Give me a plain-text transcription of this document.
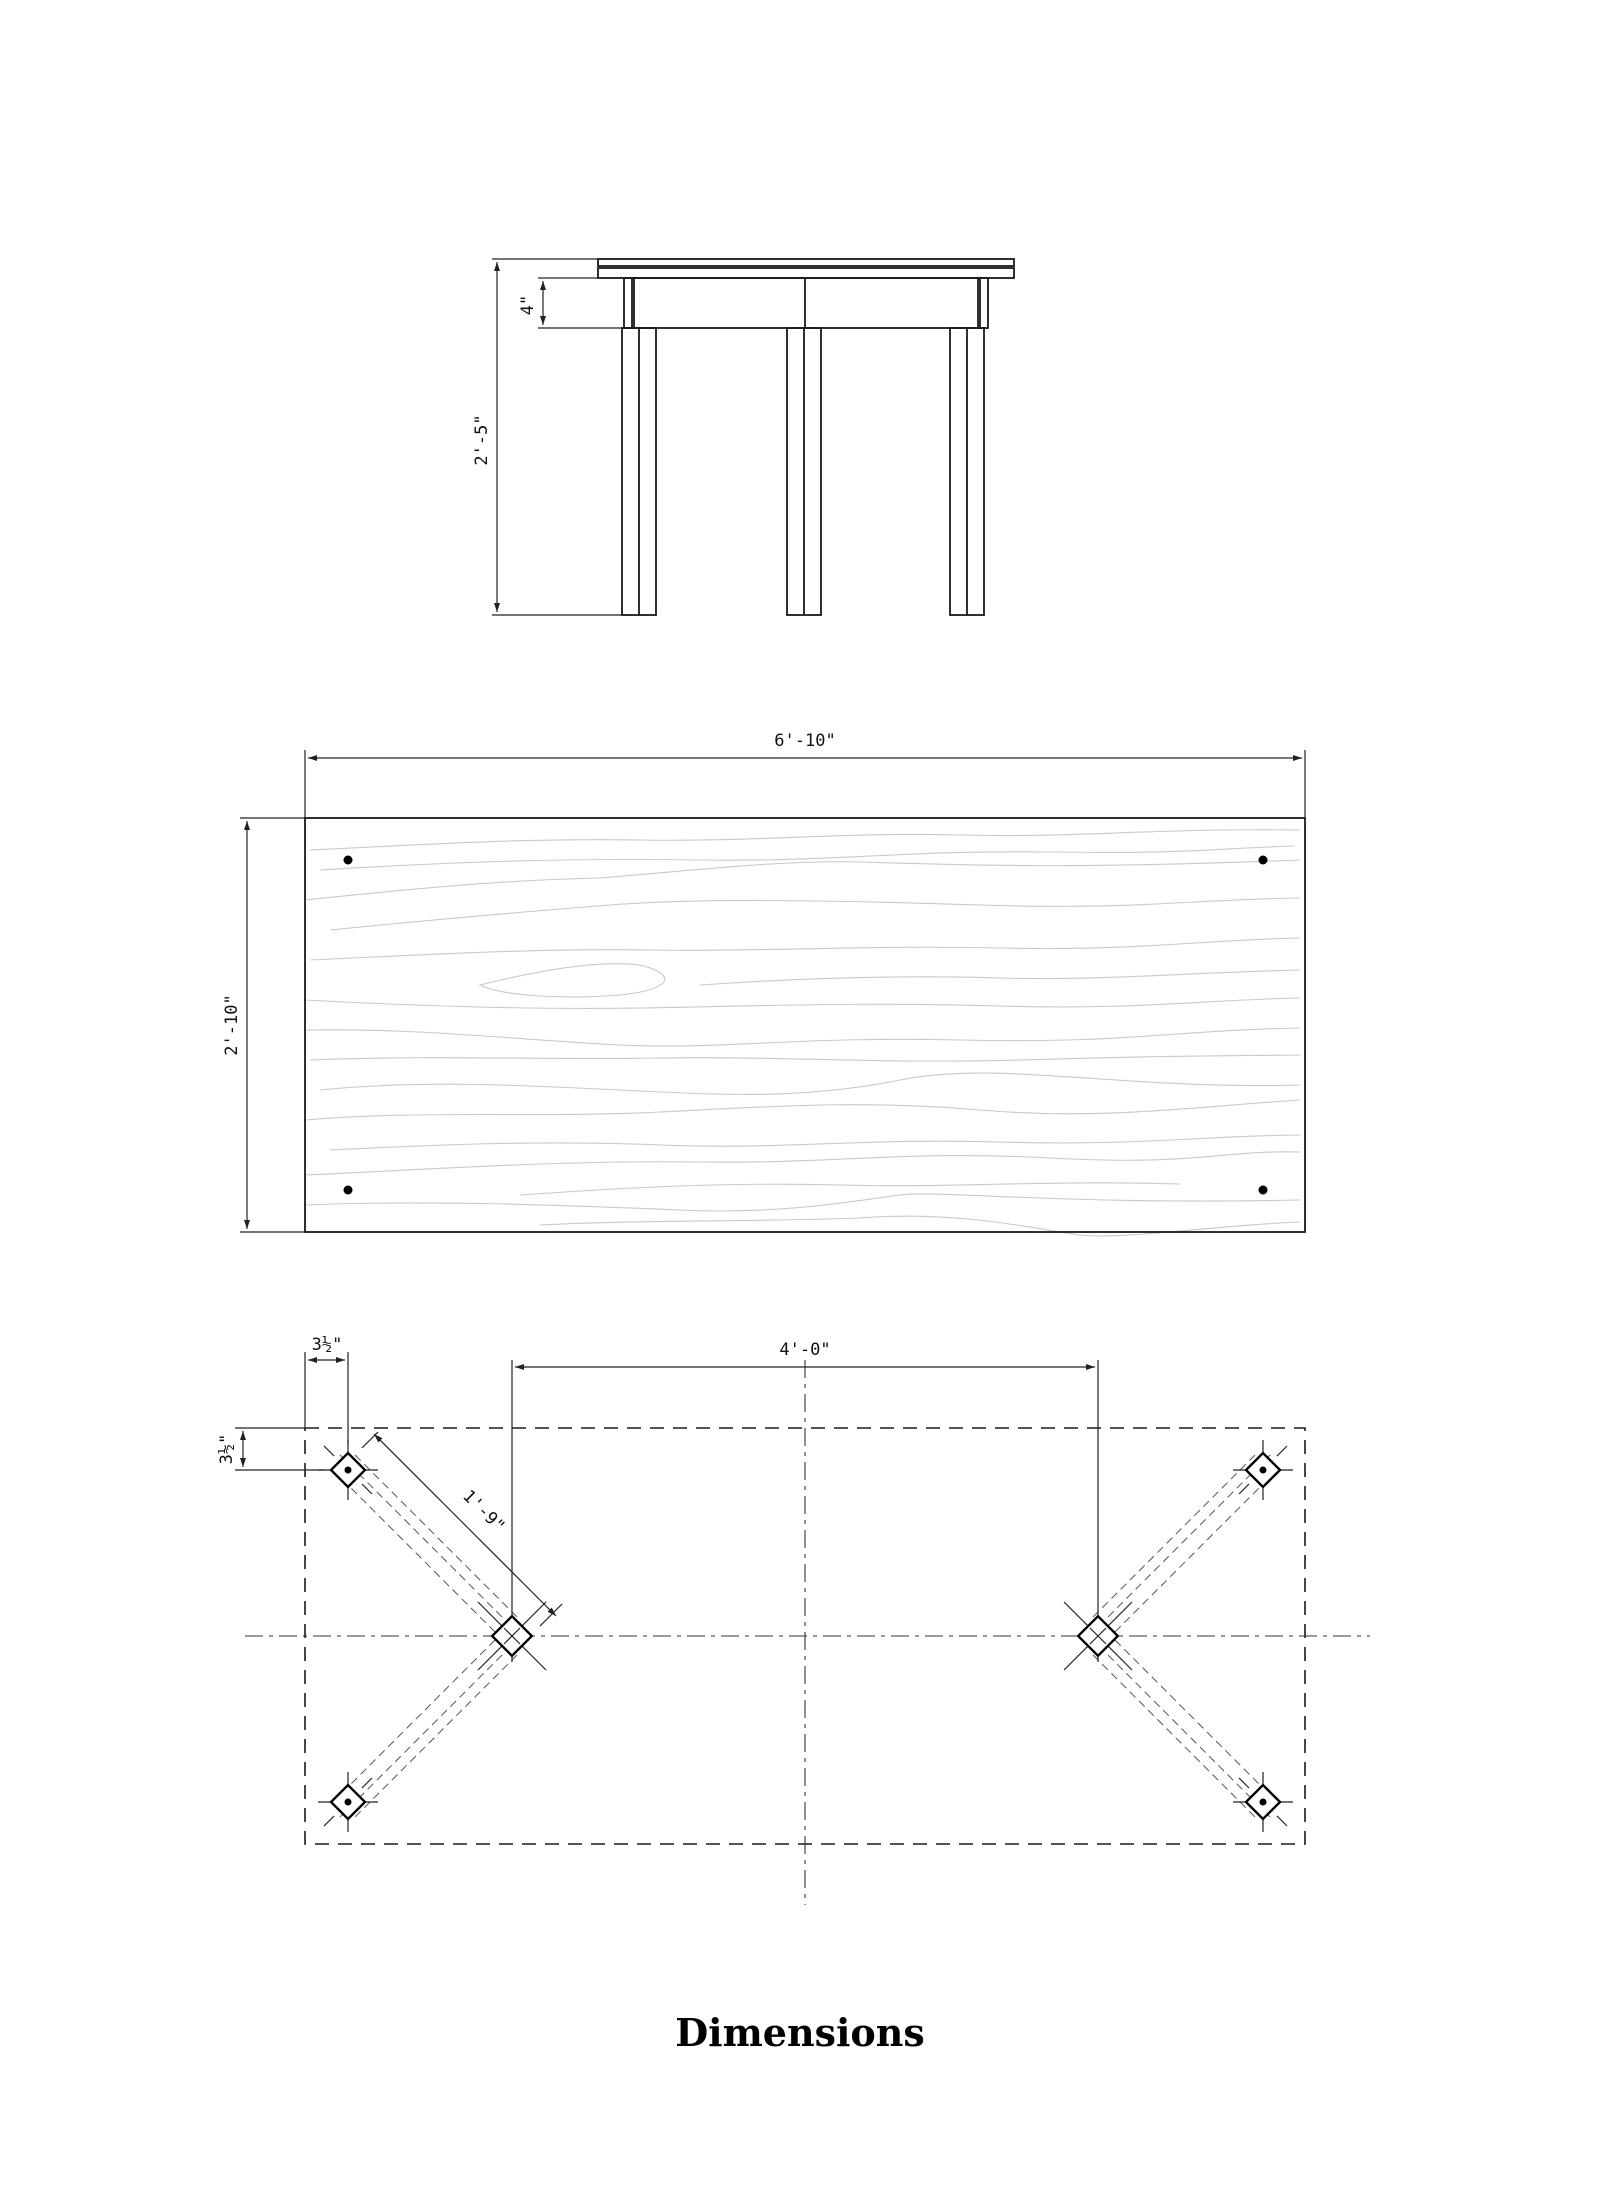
2'-5"
4"
6'-10"
2'-10"
3½"
3½"
4'-0"
1'-9"
Dimensions
